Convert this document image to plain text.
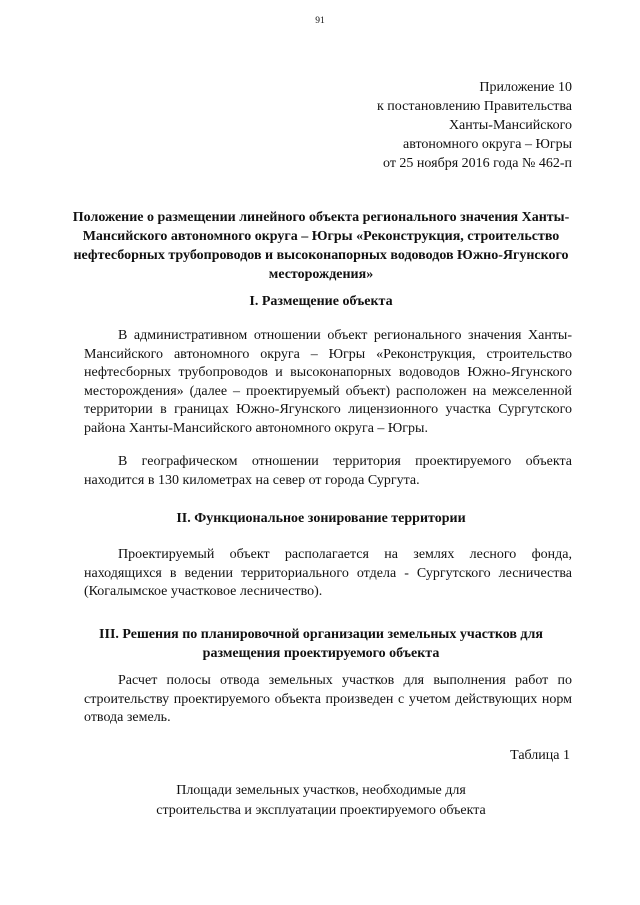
91
Приложение 10
к постановлению Правительства
Ханты-Мансийского
автономного округа – Югры
от 25 ноября 2016 года № 462-п
Положение о размещении линейного объекта регионального значения Ханты-Мансийского автономного округа – Югры «Реконструкция, строительство нефтесборных трубопроводов и высоконапорных водоводов Южно-Ягунского месторождения»
I. Размещение объекта

В административном отношении объект регионального значения Ханты-Мансийского автономного округа – Югры «Реконструкция, строительство нефтесборных трубопроводов и высоконапорных водоводов Южно-Ягунского месторождения» (далее – проектируемый объект) расположен на межселенной территории в границах Южно-Ягунского лицензионного участка Сургутского района Ханты-Мансийского автономного округа – Югры.

В географическом отношении территория проектируемого объекта находится в 130 километрах на север от города Сургута.

II. Функциональное зонирование территории

Проектируемый объект располагается на землях лесного фонда, находящихся в ведении территориального отдела - Сургутского лесничества (Когалымское участковое лесничество).

III. Решения по планировочной организации земельных участков для размещения проектируемого объекта

Расчет полосы отвода земельных участков для выполнения работ по строительству проектируемого объекта произведен с учетом действующих норм отвода земель.

Таблица 1
Площади земельных участков, необходимые для
строительства и эксплуатации проектируемого объекта
